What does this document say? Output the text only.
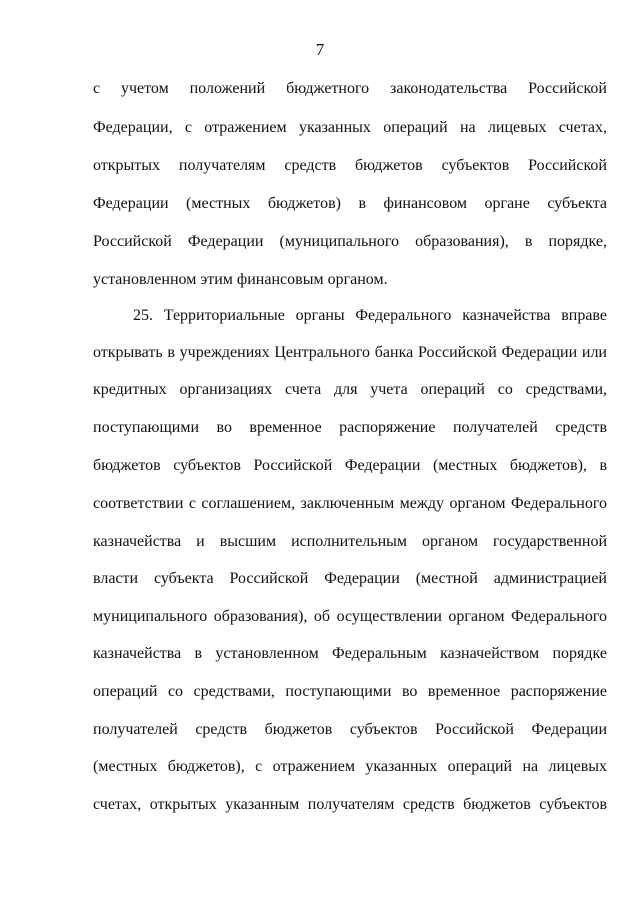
7
с учетом положений бюджетного законодательства Российской
Федерации, с отражением указанных операций на лицевых счетах,
открытых получателям средств бюджетов субъектов Российской
Федерации (местных бюджетов) в финансовом органе субъекта
Российской Федерации (муниципального образования), в порядке,
установленном этим финансовым органом.
25. Территориальные органы Федерального казначейства вправе
открывать в учреждениях Центрального банка Российской Федерации или
кредитных организациях счета для учета операций со средствами,
поступающими во временное распоряжение получателей средств
бюджетов субъектов Российской Федерации (местных бюджетов), в
соответствии с соглашением, заключенным между органом Федерального
казначейства и высшим исполнительным органом государственной
власти субъекта Российской Федерации (местной администрацией
муниципального образования), об осуществлении органом Федерального
казначейства в установленном Федеральным казначейством порядке
операций со средствами, поступающими во временное распоряжение
получателей средств бюджетов субъектов Российской Федерации
(местных бюджетов), с отражением указанных операций на лицевых
счетах, открытых указанным получателям средств бюджетов субъектов
